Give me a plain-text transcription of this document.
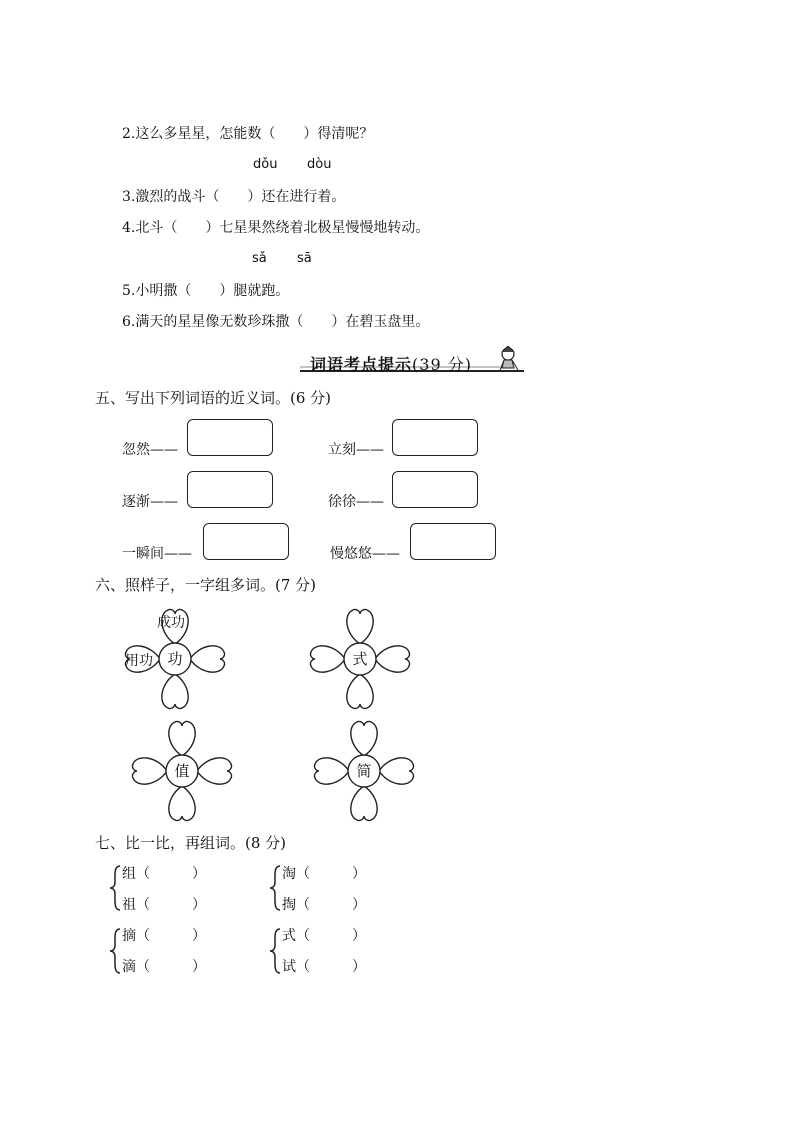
2.这么多星星，怎能数（　　）得清呢？
dǒu dòu
3.激烈的战斗（　　）还在进行着。
4.北斗（　　）七星果然绕着北极星慢慢地转动。
sǎ sā
5.小明撒（　　）腿就跑。
6.满天的星星像无数珍珠撒（　　）在碧玉盘里。
词语考点提示(39 分)
五、写出下列词语的近义词。(6 分)
忽然——	立刻——
逐渐——	徐徐——
一瞬间——	慢悠悠——
六、照样子，一字组多词。(7 分)
功
成功
用功	式
值	简
七、比一比，再组词。(8 分)
组（　　　）
祖（　　　）
淘（　　　）
掏（　　　）
摘（　　　）
滴（　　　）
式（　　　）
试（　　　）
